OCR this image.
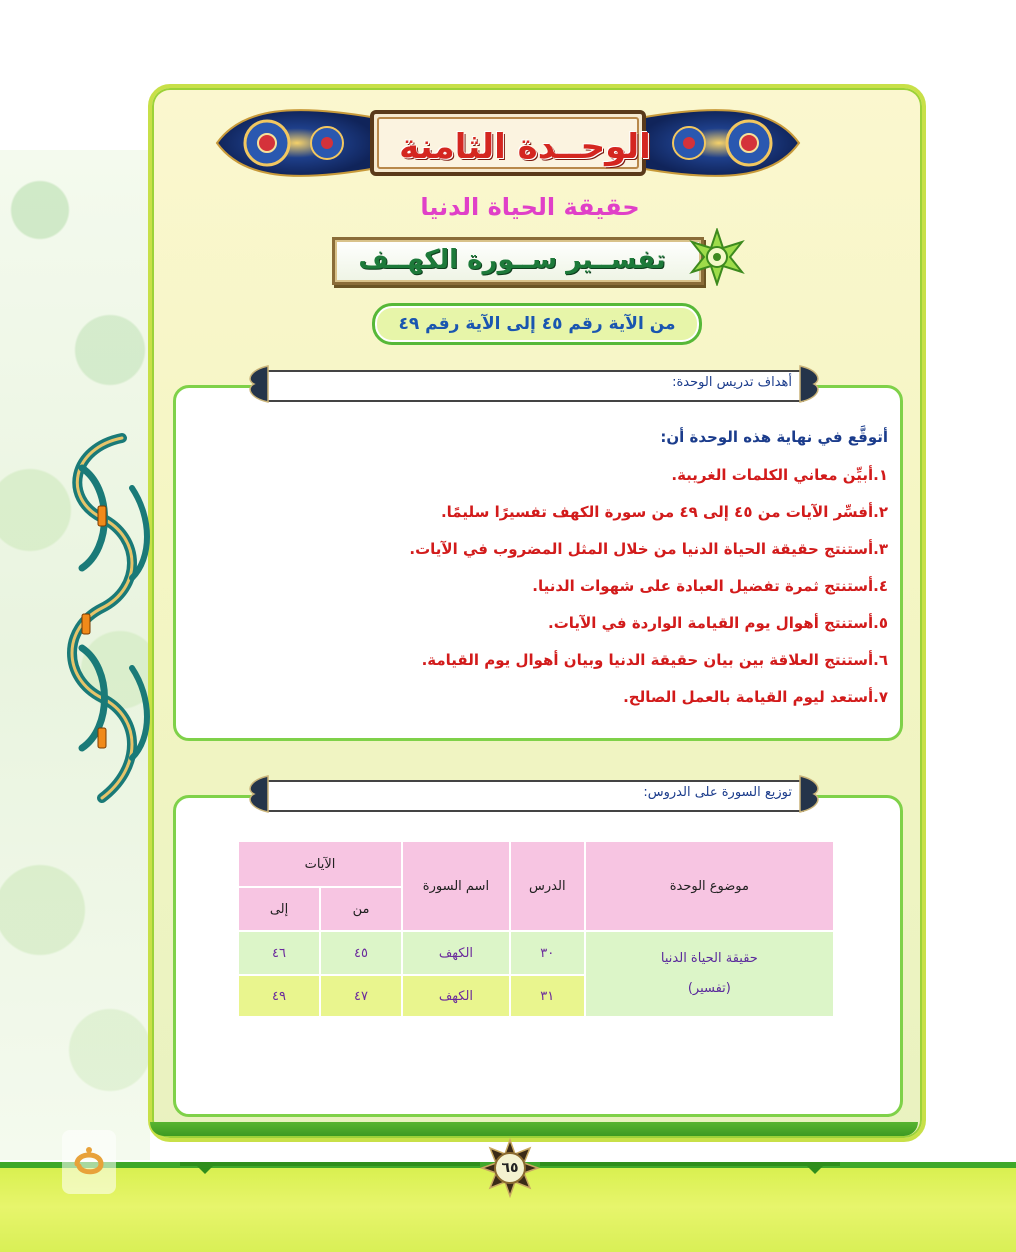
الوحــدة الثامنة
حقيقة الحياة الدنيا
تفســير ســورة الكهــف
من الآية رقم ٤٥ إلى الآية رقم ٤٩
أهداف تدريس الوحدة:
أتوقَّع في نهاية هذه الوحدة أن:
١.أبيِّن معاني الكلمات الغريبة.
٢.أفسِّر الآيات من ٤٥ إلى ٤٩ من سورة الكهف تفسيرًا سليمًا.
٣.أستنتج حقيقة الحياة الدنيا من خلال المثل المضروب في الآيات.
٤.أستنتج ثمرة تفضيل العبادة على شهوات الدنيا.
٥.أستنتج أهوال يوم القيامة الواردة في الآيات.
٦.أستنتج العلاقة بين بيان حقيقة الدنيا وبيان أهوال يوم القيامة.
٧.أستعد ليوم القيامة بالعمل الصالح.
توزيع السورة على الدروس:
موضوع الوحدة	الدرس	اسم السورة	الآيات	
			من	إلى

حقيقة الحياة الدنيا
(تفسير)	٣٠	الكهف	٤٥	٤٦
	٣١	الكهف	٤٧	٤٩
٦٥
